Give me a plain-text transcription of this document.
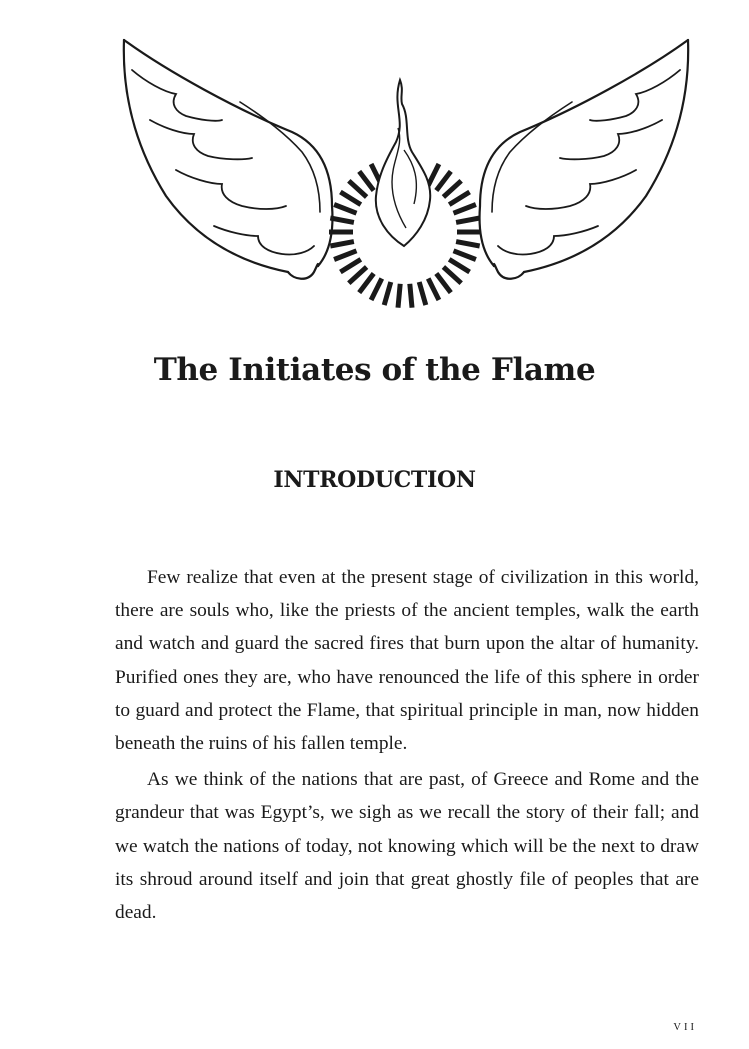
The Initiates of the Flame
INTRODUCTION

Few realize that even at the present stage of civilization in this world, there are souls who, like the priests of the ancient temples, walk the earth and watch and guard the sacred fires that burn upon the altar of humanity. Purified ones they are, who have renounced the life of this sphere in order to guard and protect the Flame, that spiritual principle in man, now hidden beneath the ruins of his fallen temple.

As we think of the nations that are past, of Greece and Rome and the grandeur that was Egypt’s, we sigh as we recall the story of their fall; and we watch the nations of today, not knowing which will be the next to draw its shroud around itself and join that great ghostly file of peoples that are dead.

VII
